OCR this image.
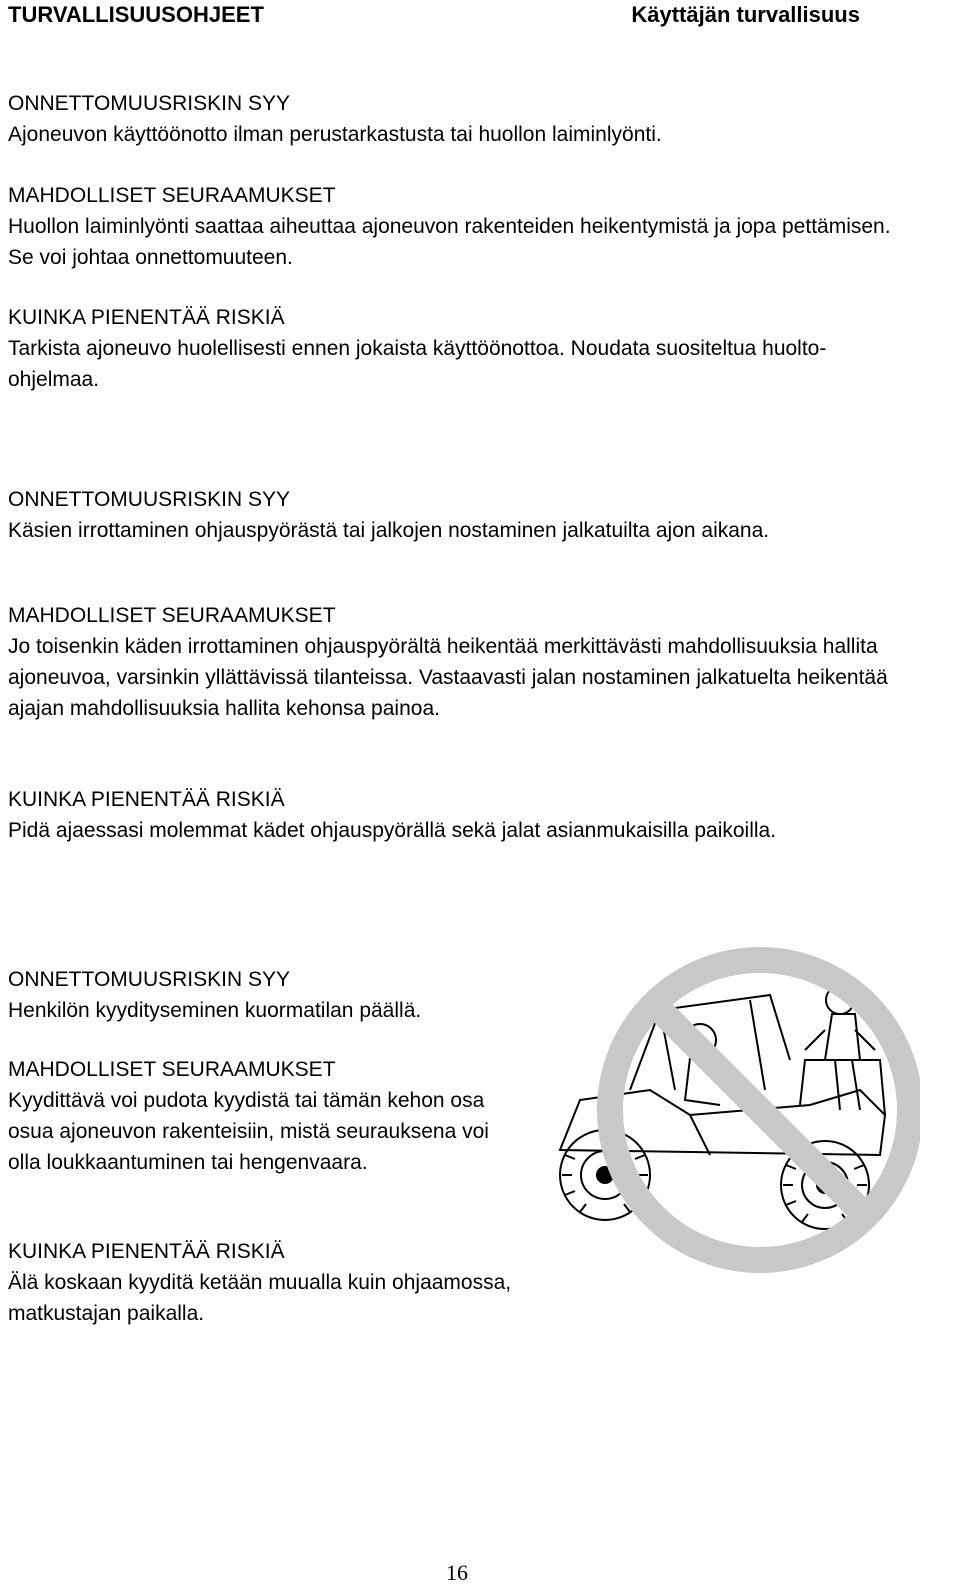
TURVALLISUUSOHJEET	Käyttäjän turvallisuus
ONNETTOMUUSRISKIN SYY
Ajoneuvon käyttöönotto ilman perustarkastusta tai huollon laiminlyönti.
MAHDOLLISET SEURAAMUKSET
Huollon laiminlyönti saattaa aiheuttaa ajoneuvon rakenteiden heikentymistä ja jopa pettämisen. Se voi johtaa onnettomuuteen.
KUINKA PIENENTÄÄ RISKIÄ
Tarkista ajoneuvo huolellisesti ennen jokaista käyttöönottoa. Noudata suositeltua huolto-ohjelmaa.
ONNETTOMUUSRISKIN SYY
Käsien irrottaminen ohjauspyörästä tai jalkojen nostaminen jalkatuilta ajon aikana.
MAHDOLLISET SEURAAMUKSET
Jo toisenkin käden irrottaminen ohjauspyörältä heikentää merkittävästi mahdollisuuksia hallita ajoneuvoa, varsinkin yllättävissä tilanteissa. Vastaavasti jalan nostaminen jalkatuelta heikentää ajajan mahdollisuuksia hallita kehonsa painoa.
KUINKA PIENENTÄÄ RISKIÄ
Pidä ajaessasi molemmat kädet ohjauspyörällä sekä jalat asianmukaisilla paikoilla.
ONNETTOMUUSRISKIN SYY
Henkilön kyydityseminen kuormatilan päällä.
MAHDOLLISET SEURAAMUKSET
Kyydittävä voi pudota kyydistä tai tämän kehon osa osua ajoneuvon rakenteisiin, mistä seurauksena voi olla loukkaantuminen tai hengenvaara.
KUINKA PIENENTÄÄ RISKIÄ
Älä koskaan kyyditä ketään muualla kuin ohjaamossa, matkustajan paikalla.
16
